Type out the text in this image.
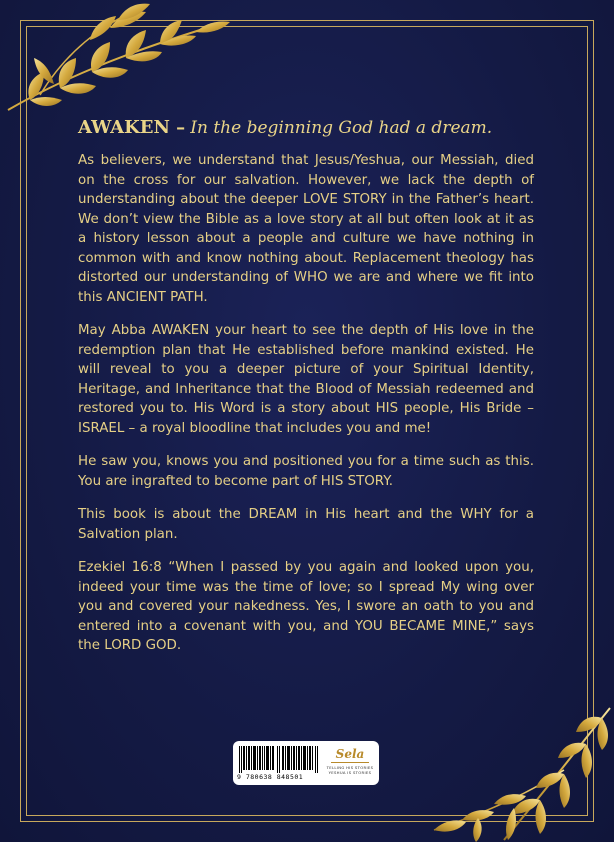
AWAKEN – In the beginning God had a dream.

As believers, we understand that Jesus/Yeshua, our Messiah, died on the cross for our salvation. However, we lack the depth of understanding about the deeper LOVE STORY in the Father’s heart. We don’t view the Bible as a love story at all but often look at it as a history lesson about a people and culture we have nothing in common with and know nothing about. Replacement theology has distorted our understanding of WHO we are and where we fit into this ANCIENT PATH.

May Abba AWAKEN your heart to see the depth of His love in the redemption plan that He established before mankind existed. He will reveal to you a deeper picture of your Spiritual Identity, Heritage, and Inheritance that the Blood of Messiah redeemed and restored you to. His Word is a story about HIS people, His Bride – ISRAEL – a royal bloodline that includes you and me!

He saw you, knows you and positioned you for a time such as this. You are ingrafted to become part of HIS STORY.

This book is about the DREAM in His heart and the WHY for a Salvation plan.

Ezekiel 16:8 “When I passed by you again and looked upon you, indeed your time was the time of love; so I spread My wing over you and covered your nakedness. Yes, I swore an oath to you and entered into a covenant with you, and YOU BECAME MINE,” says the LORD GOD.

9 780638 848501
Sela
TELLING HIS STORIES
YESHUA IS STORIES
